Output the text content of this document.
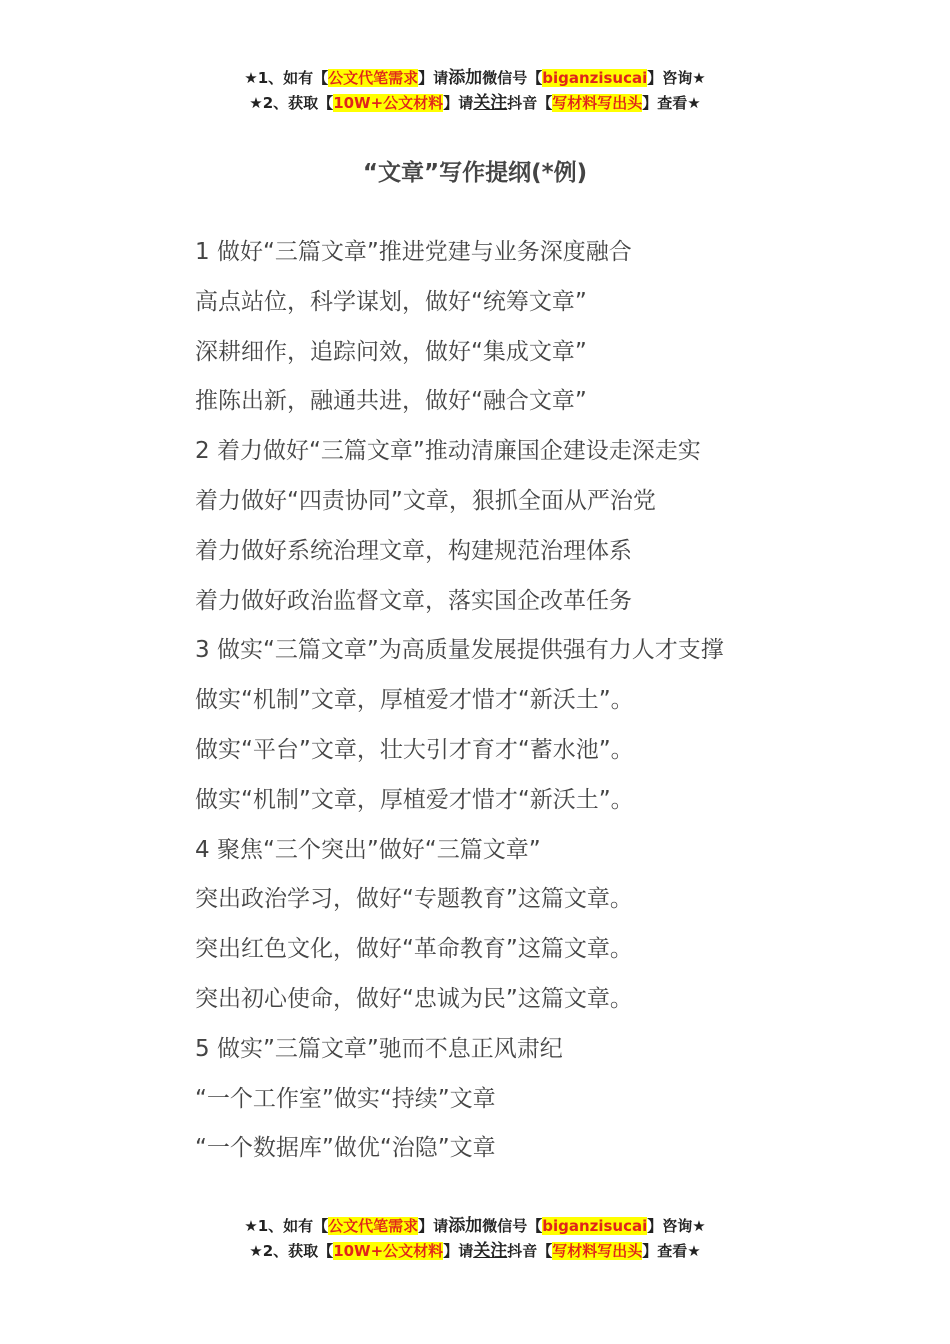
★1、如有【公文代笔需求】请添加微信号【biganzisucai】咨询★
★2、获取【10W+公文材料】请关注抖音【写材料写出头】查看★
“文章”写作提纲(*例)
1 做好“三篇文章”推进党建与业务深度融合
高点站位，科学谋划，做好“统筹文章”
深耕细作，追踪问效，做好“集成文章”
推陈出新，融通共进，做好“融合文章”
2 着力做好“三篇文章”推动清廉国企建设走深走实
着力做好“四责协同”文章，狠抓全面从严治党
着力做好系统治理文章，构建规范治理体系
着力做好政治监督文章，落实国企改革任务
3 做实“三篇文章”为高质量发展提供强有力人才支撑
做实“机制”文章，厚植爱才惜才“新沃土”。
做实“平台”文章，壮大引才育才“蓄水池”。
做实“机制”文章，厚植爱才惜才“新沃土”。
4 聚焦“三个突出”做好“三篇文章”
突出政治学习，做好“专题教育”这篇文章。
突出红色文化，做好“革命教育”这篇文章。
突出初心使命，做好“忠诚为民”这篇文章。
5 做实”三篇文章”驰而不息正风肃纪
“一个工作室”做实“持续”文章
“一个数据库”做优“治隐”文章
★1、如有【公文代笔需求】请添加微信号【biganzisucai】咨询★
★2、获取【10W+公文材料】请关注抖音【写材料写出头】查看★
